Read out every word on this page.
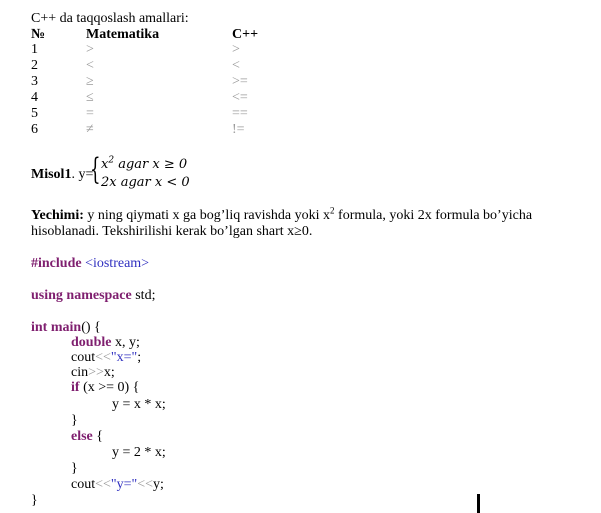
C++ da taqqoslash amallari:
№	Matematika	C++
1	>	>
2	<	<
3	≥	>=
4	≤	<=
5	=	==
6	≠	!=
Misol1. y=
{ $x^2$ agar x ≥ 0
2x agar x < 0
Yechimi: y ning qiymati x ga bog’liq ravishda yoki $x^2$ formula, yoki 2x formula bo’yicha
hisoblanadi. Tekshirilishi kerak bo’lgan shart x≥0.
#include <iostream>
using namespace std;
int main() {
double x, y;
cout<<"x=";
cin>>x;
if (x >= 0) {
y = x * x;
}
else {
y = 2 * x;
}
cout<<"y="<<y;
}
